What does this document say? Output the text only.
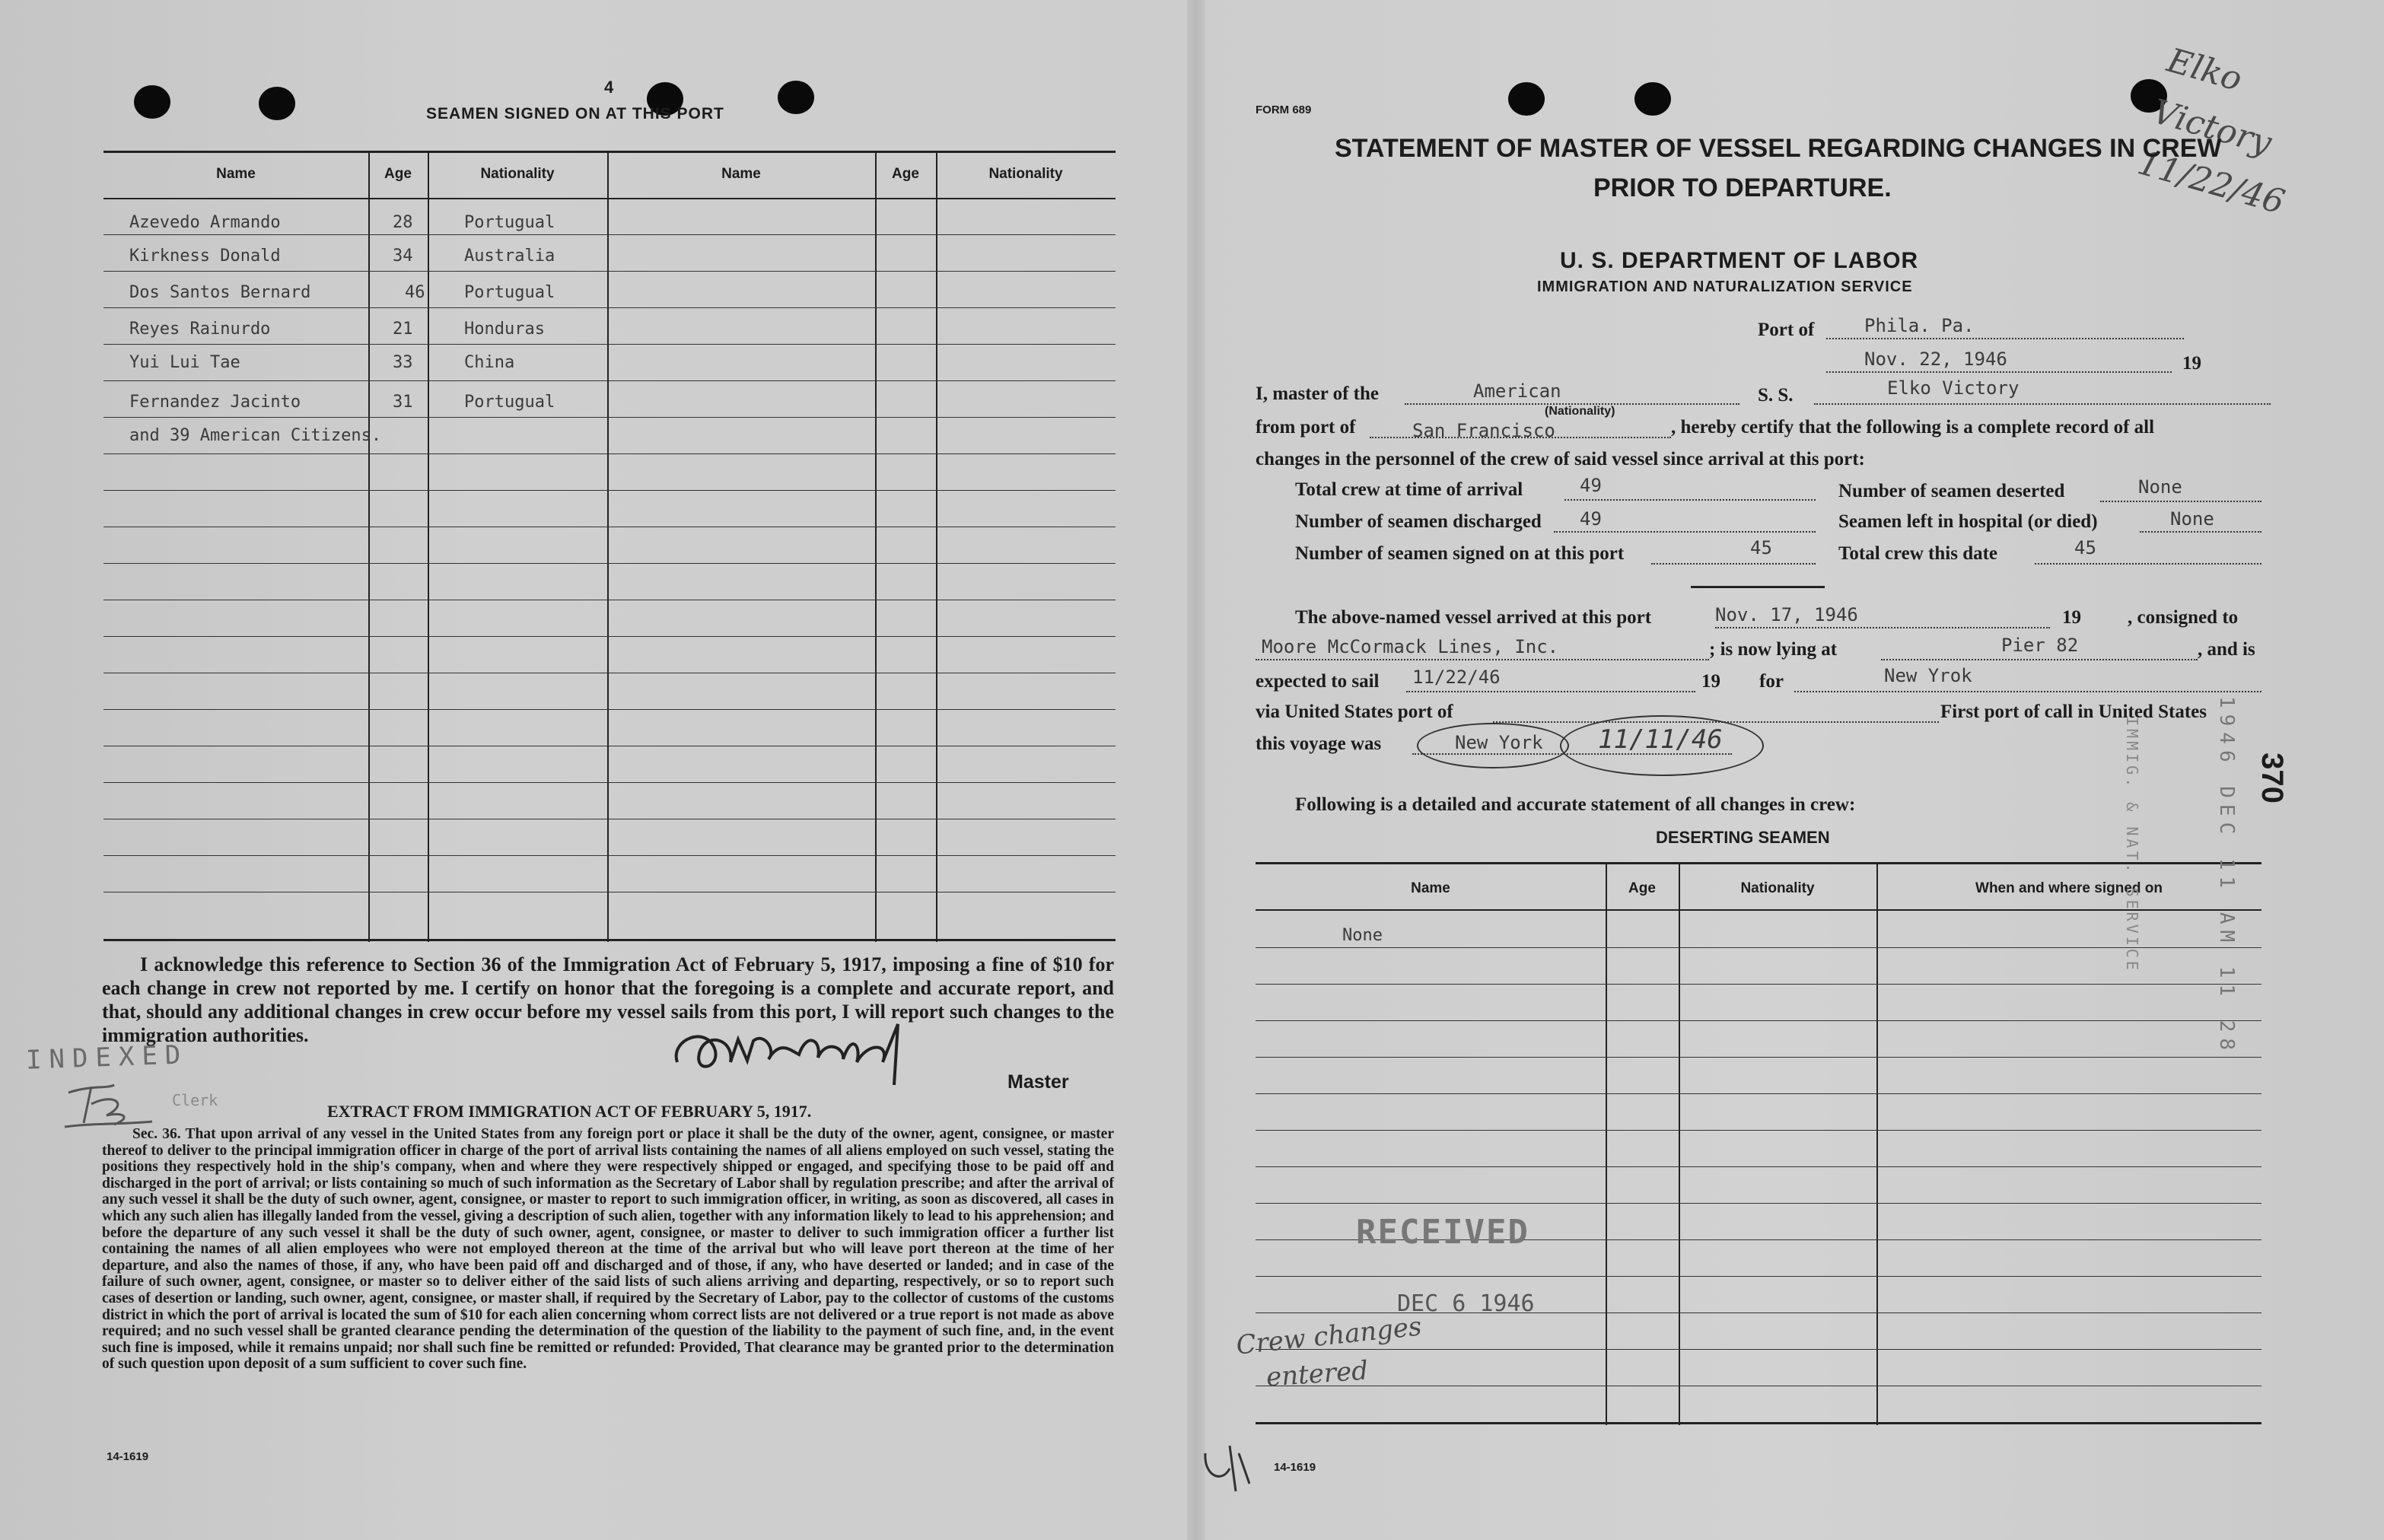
4
SEAMEN SIGNED ON AT THIS PORT
Name	Age	Nationality	Name	Age	Nationality
Azevedo Armando	28	Portugual
Kirkness Donald	34	Australia
Dos Santos Bernard	46 Portugual
Reyes Rainurdo	21	Honduras
Yui Lui Tae	33	China
Fernandez Jacinto	31	Portugual
and 39 American Citizens.
I acknowledge this reference to Section 36 of the Immigration Act of February 5, 1917, imposing a fine of $10 for each change in crew not reported by me. I certify on honor that the foregoing is a complete and accurate report, and that, should any additional changes in crew occur before my vessel sails from this port, I will report such changes to the immigration authorities.
Master
INDEXED
Clerk
EXTRACT FROM IMMIGRATION ACT OF FEBRUARY 5, 1917.
Sec. 36. That upon arrival of any vessel in the United States from any foreign port or place it shall be the duty of the owner, agent, consignee, or master thereof to deliver to the principal immigration officer in charge of the port of arrival lists containing the names of all aliens employed on such vessel, stating the positions they respectively hold in the ship's company, when and where they were respectively shipped or engaged, and specifying those to be paid off and discharged in the port of arrival; or lists containing so much of such information as the Secretary of Labor shall by regulation prescribe; and after the arrival of any such vessel it shall be the duty of such owner, agent, consignee, or master to report to such immigration officer, in writing, as soon as discovered, all cases in which any such alien has illegally landed from the vessel, giving a description of such alien, together with any information likely to lead to his apprehension; and before the departure of any such vessel it shall be the duty of such owner, agent, consignee, or master to deliver to such immigration officer a further list containing the names of all alien employees who were not employed thereon at the time of the arrival but who will leave port thereon at the time of her departure, and also the names of those, if any, who have been paid off and discharged and of those, if any, who have deserted or landed; and in case of the failure of such owner, agent, consignee, or master so to deliver either of the said lists of such aliens arriving and departing, respectively, or so to report such cases of desertion or landing, such owner, agent, consignee, or master shall, if required by the Secretary of Labor, pay to the collector of customs of the customs district in which the port of arrival is located the sum of $10 for each alien concerning whom correct lists are not delivered or a true report is not made as above required; and no such vessel shall be granted clearance pending the determination of the question of the liability to the payment of such fine, and, in the event such fine is imposed, while it remains unpaid; nor shall such fine be remitted or refunded: Provided, That clearance may be granted prior to the determination of such question upon deposit of a sum sufficient to cover such fine.
14-1619
FORM 689
Elko Victory 11/22/46
STATEMENT OF MASTER OF VESSEL REGARDING CHANGES IN CREW
PRIOR TO DEPARTURE.
U. S. DEPARTMENT OF LABOR
IMMIGRATION AND NATURALIZATION SERVICE
Port of	Phila. Pa.
Nov. 22, 1946	19
I, master of the	American
(Nationality)
S. S.	Elko Victory
from port of	San Francisco	, hereby certify that the following is a complete record of all
changes in the personnel of the crew of said vessel since arrival at this port:
Total crew at time of arrival	49
Number of seamen discharged 49
Number of seamen signed on at this port	45
Number of seamen deserted	None
Seamen left in hospital (or died)	None
Total crew this date	45
The above-named vessel arrived at this port	Nov. 17, 1946	19 , consigned to
Moore McCormack Lines, Inc.	; is now lying at	Pier 82	, and is
expected to sail 11/22/46	19 for	New Yrok
via United States port of	First port of call in United States
this voyage was	New York 11/11/46
Following is a detailed and accurate statement of all changes in crew:
DESERTING SEAMEN
Name	Age	Nationality	When and where signed on
None
RECEIVED
DEC 6 1946
Crew changes
entered
1946 DEC 11 AM 11 28
IMMIG. & NAT. SERVICE	370
14-1619
